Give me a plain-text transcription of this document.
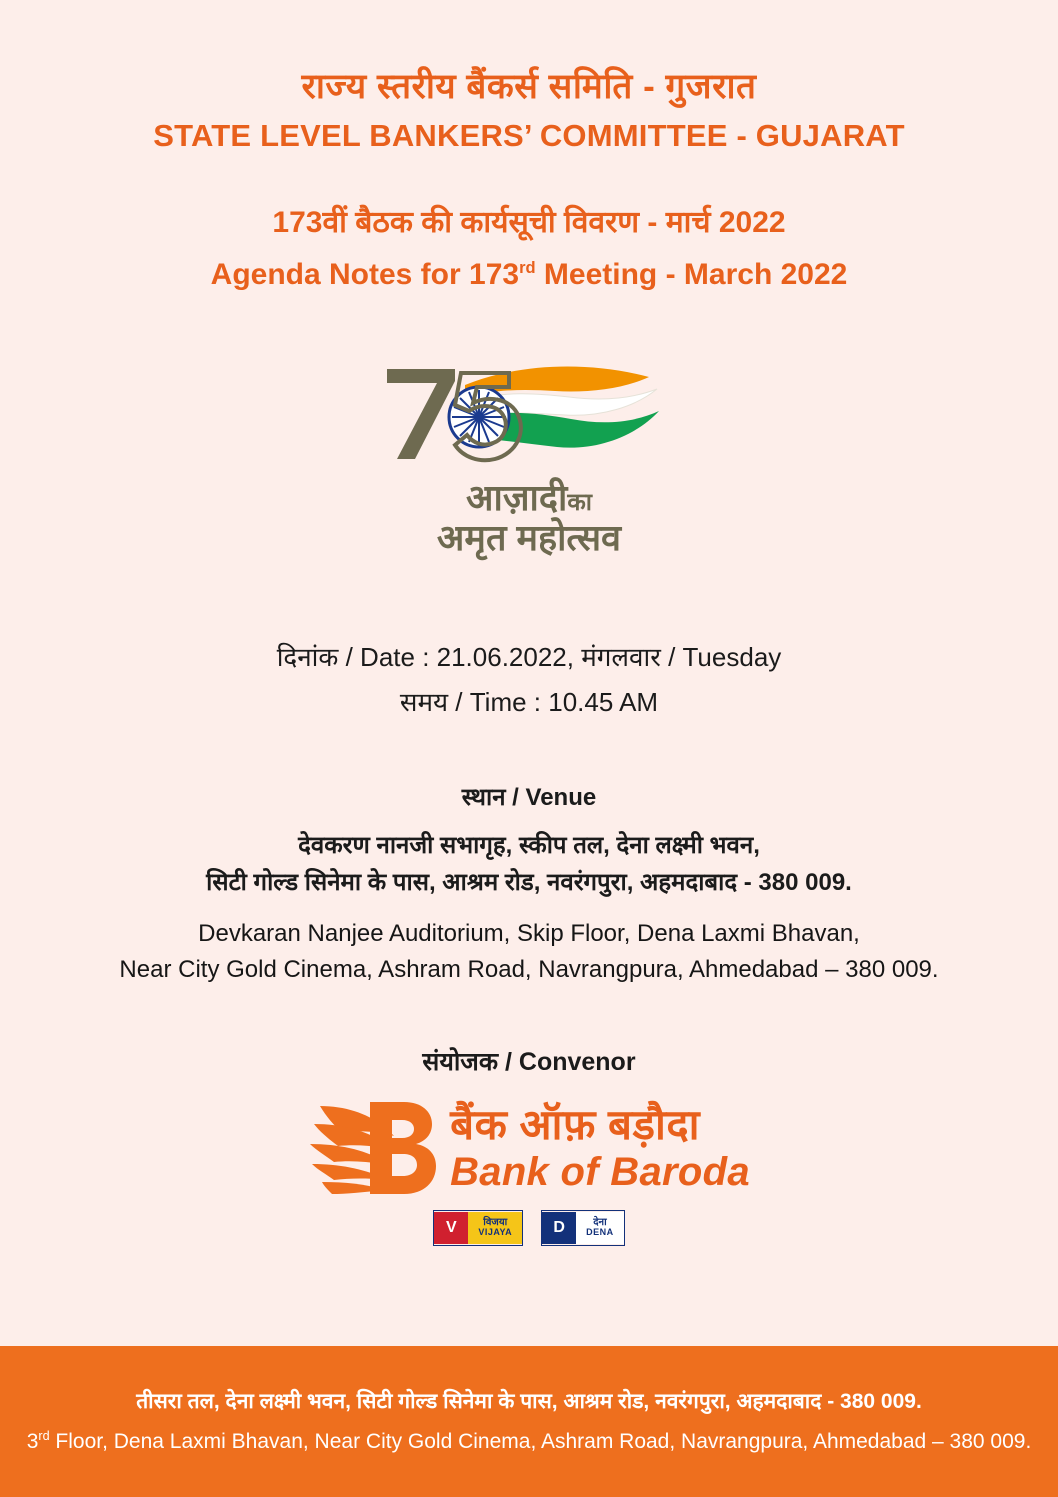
राज्य स्तरीय बैंकर्स समिति - गुजरात
STATE LEVEL BANKERS’ COMMITTEE - GUJARAT
173वीं बैठक की कार्यसूची विवरण - मार्च 2022
Agenda Notes for 173rd Meeting - March 2022
आज़ादीका
अमृत महोत्सव
दिनांक / Date : 21.06.2022, मंगलवार / Tuesday
समय / Time : 10.45 AM
स्थान / Venue
देवकरण नानजी सभागृह, स्कीप तल, देना लक्ष्मी भवन,
सिटी गोल्ड सिनेमा के पास, आश्रम रोड, नवरंगपुरा, अहमदाबाद - 380 009.
Devkaran Nanjee Auditorium, Skip Floor, Dena Laxmi Bhavan,
Near City Gold Cinema, Ashram Road, Navrangpura, Ahmedabad – 380 009.
संयोजक / Convenor
बैंक ऑफ़ बड़ौदा
Bank of Baroda
V	विजया
VIJAYA	D	देना
DENA
तीसरा तल, देना लक्ष्मी भवन, सिटी गोल्ड सिनेमा के पास, आश्रम रोड, नवरंगपुरा, अहमदाबाद - 380 009.
3rd Floor, Dena Laxmi Bhavan, Near City Gold Cinema, Ashram Road, Navrangpura, Ahmedabad – 380 009.
